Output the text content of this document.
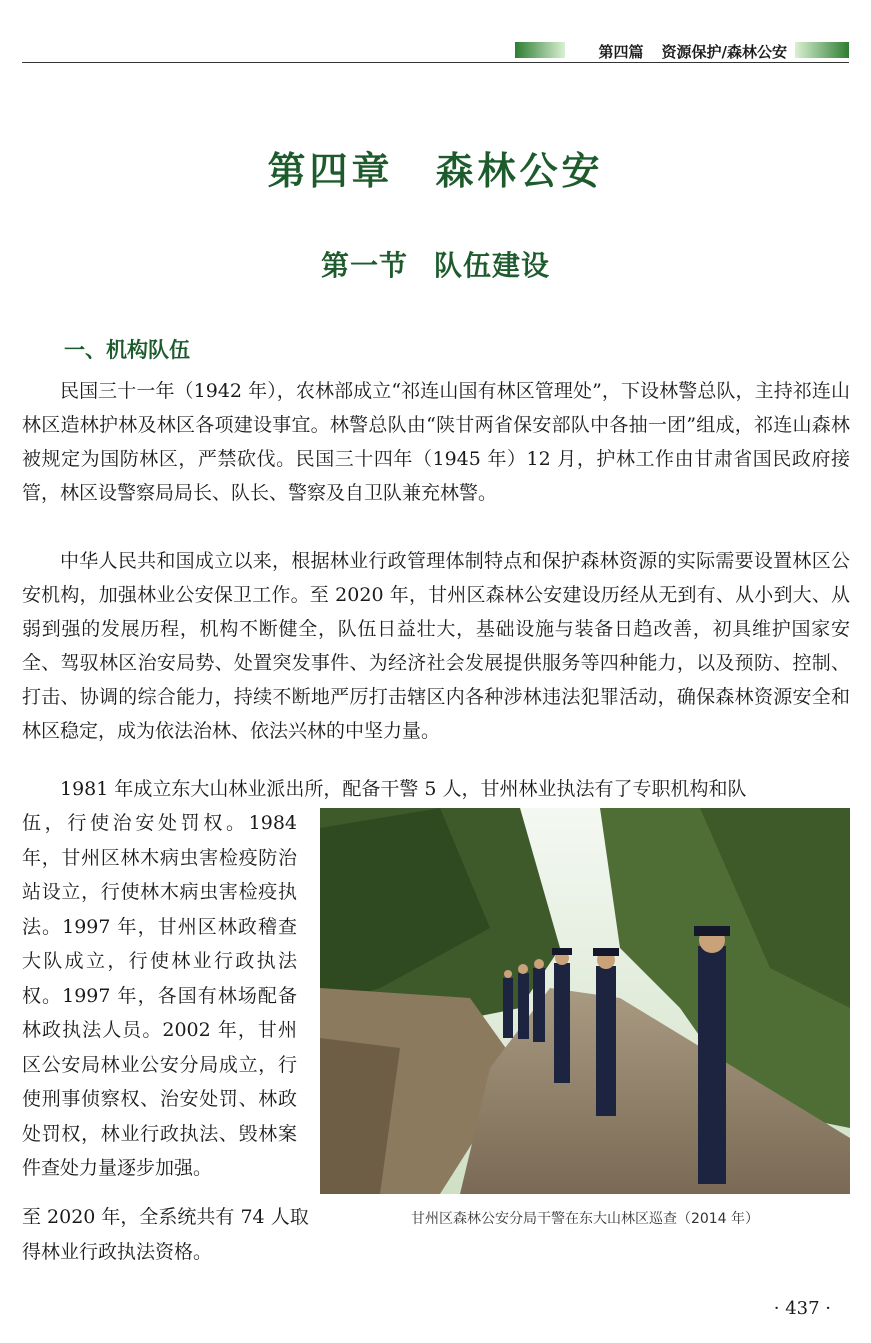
第四篇 资源保护/森林公安
第四章 森林公安
第一节 队伍建设
一、机构队伍

民国三十一年（1942 年），农林部成立“祁连山国有林区管理处”，下设林警总队，主持祁连山林区造林护林及林区各项建设事宜。林警总队由“陕甘两省保安部队中各抽一团”组成，祁连山森林被规定为国防林区，严禁砍伐。民国三十四年（1945 年）12 月，护林工作由甘肃省国民政府接管，林区设警察局局长、队长、警察及自卫队兼充林警。

中华人民共和国成立以来，根据林业行政管理体制特点和保护森林资源的实际需要设置林区公安机构，加强林业公安保卫工作。至 2020 年，甘州区森林公安建设历经从无到有、从小到大、从弱到强的发展历程，机构不断健全，队伍日益壮大，基础设施与装备日趋改善，初具维护国家安全、驾驭林区治安局势、处置突发事件、为经济社会发展提供服务等四种能力，以及预防、控制、打击、协调的综合能力，持续不断地严厉打击辖区内各种涉林违法犯罪活动，确保森林资源安全和林区稳定，成为依法治林、依法兴林的中坚力量。

1981 年成立东大山林业派出所，配备干警 5 人，甘州林业执法有了专职机构和队

伍，行使治安处罚权。1984 年，甘州区林木病虫害检疫防治站设立，行使林木病虫害检疫执法。1997 年，甘州区林政稽查大队成立，行使林业行政执法权。1997 年，各国有林场配备林政执法人员。2002 年，甘州区公安局林业公安分局成立，行使刑事侦察权、治安处罚、林政处罚权，林业行政执法、毁林案件查处力量逐步加强。

至 2020 年，全系统共有 74 人取得林业行政执法资格。

甘州区森林公安分局干警在东大山林区巡查（2014 年）
· 437 ·
